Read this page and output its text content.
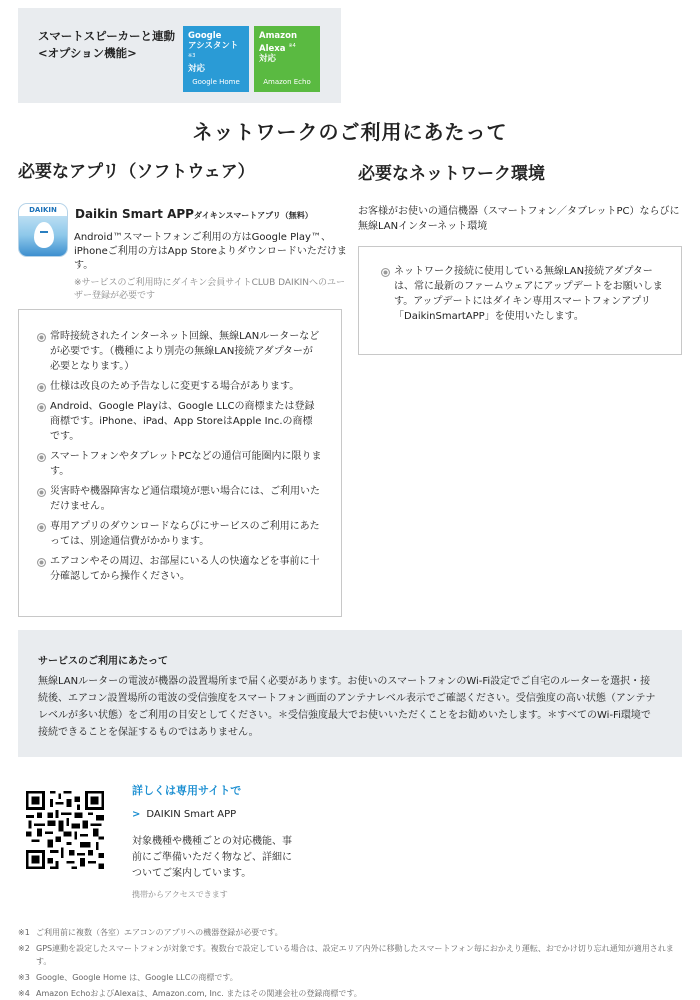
スマートスピーカーと連動
<オプション機能>
Google
アシスタント $^{※3}$
対応
Google Home
Amazon
Alexa $^{※4}$
対応
Amazon Echo
ネットワークのご利用にあたって
必要なアプリ（ソフトウェア）
DAIKIN	Daikin Smart APPダイキンスマートアプリ（無料）

Android™スマートフォンご利用の方はGoogle Play™、iPhoneご利用の方はApp Storeよりダウンロードいただけます。

※サービスのご利用時にダイキン会員サイトCLUB DAIKINへのユーザー登録が必要です

常時接続されたインターネット回線、無線LANルーターなどが必要です。（機種により別売の無線LAN接続アダプターが必要となります。）
仕様は改良のため予告なしに変更する場合があります。
Android、Google Playは、Google LLCの商標または登録商標です。iPhone、iPad、App StoreはApple Inc.の商標です。
スマートフォンやタブレットPCなどの通信可能圏内に限ります。
災害時や機器障害など通信環境が悪い場合には、ご利用いただけません。
専用アプリのダウンロードならびにサービスのご利用にあたっては、別途通信費がかかります。
エアコンやその周辺、お部屋にいる人の快適などを事前に十分確認してから操作ください。
必要なネットワーク環境

お客様がお使いの通信機器（スマートフォン／タブレットPC）ならびに無線LANインターネット環境

ネットワーク接続に使用している無線LAN接続アダプターは、常に最新のファームウェアにアップデートをお願いします。アップデートにはダイキン専用スマートフォンアプリ「DaikinSmartAPP」を使用いたします。
サービスのご利用にあたって

無線LANルーターの電波が機器の設置場所まで届く必要があります。お使いのスマートフォンのWi-Fi設定でご自宅のルーターを選択・接続後、エアコン設置場所の電波の受信強度をスマートフォン画面のアンテナレベル表示でご確認ください。受信強度の高い状態（アンテナレベルが多い状態）をご利用の目安としてください。＊受信強度最大でお使いいただくことをお勧めいたします。＊すべてのWi-Fi環境で接続できることを保証するものではありません。

詳しくは専用サイトで
> DAIKIN Smart APP

対象機種や機種ごとの対応機能、事前にご準備いただく物など、詳細についてご案内しています。

携帯からアクセスできます
※1 ご利用前に複数（各室）エアコンのアプリへの機器登録が必要です。
※2 GPS連動を設定したスマートフォンが対象です。複数台で設定している場合は、設定エリア内外に移動したスマートフォン毎におかえり運転、おでかけ切り忘れ通知が適用されます。
※3 Google、Google Home は、Google LLCの商標です。
※4 Amazon EchoおよびAlexaは、Amazon.com, Inc. またはその関連会社の登録商標です。
